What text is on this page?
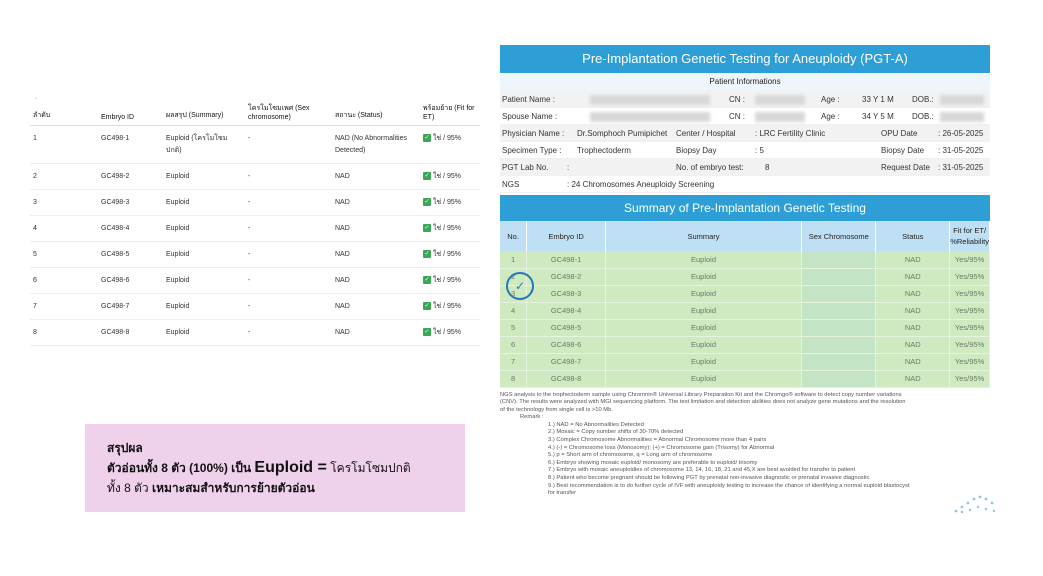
.
ลำดับ	Embryo ID	ผลสรุป (Summary)	โครโมโซมเพศ (Sex chromosome)	สถานะ (Status)	พร้อมย้าย (Fit for ET)
1	GC498-1	Euploid (โครโมโซมปกติ)	-	NAD (No Abnormalities Detected)	✓ ใช่ / 95%
2	GC498-2	Euploid	-	NAD	✓ ใช่ / 95%
3	GC498-3	Euploid	-	NAD	✓ ใช่ / 95%
4	GC498-4	Euploid	-	NAD	✓ ใช่ / 95%
5	GC498-5	Euploid	-	NAD	✓ ใช่ / 95%
6	GC498-6	Euploid	-	NAD	✓ ใช่ / 95%
7	GC498-7	Euploid	-	NAD	✓ ใช่ / 95%
8	GC498-8	Euploid	-	NAD	✓ ใช่ / 95%
สรุปผล
ตัวอ่อนทั้ง 8 ตัว (100%) เป็น Euploid = โครโมโซมปกติ
ทั้ง 8 ตัว เหมาะสมสำหรับการย้ายตัวอ่อน
Pre-Implantation Genetic Testing for Aneuploidy (PGT-A)
Patient Informations
Patient Name :	CN :	Age :	33 Y 1 M DOB.:
Spouse Name :	CN :	Age :	34 Y 5 M DOB.:
Physician Name : Dr.Somphoch Pumipichet Center / Hospital : LRC Fertility Clinic	OPU Date	: 26-05-2025
Specimen Type : Trophectoderm	Biopsy Day	: 5	Biopsy Date : 31-05-2025
PGT Lab No. :	No. of embryo test:	8	Request Date : 31-05-2025
NGS	: 24 Chromosomes Aneuploidy Screening
Summary of Pre-Implantation Genetic Testing
No.	Embryo ID	Summary	Sex Chromosome	Status	Fit for ET/ %Reliability
1	GC498-1	Euploid		NAD	Yes/95%
2	GC498-2	Euploid		NAD	Yes/95%
3	GC498-3	Euploid		NAD	Yes/95%
4	GC498-4	Euploid		NAD	Yes/95%
5	GC498-5	Euploid		NAD	Yes/95%
6	GC498-6	Euploid		NAD	Yes/95%
7	GC498-7	Euploid		NAD	Yes/95%
8	GC498-8	Euploid		NAD	Yes/95%
✓
NGS analysis to the trophectoderm sample using Chromnin® Universal Library Preparation Kit and the Chromgo® software to detect copy number variations
(CNV). The results were analyzed with MGI sequencing platform. The test limitation and detection abilities does not analyze gene mutations and the resolution
of the technology from single cell is >10 Mb.
Remark :
1.) NAD = No Abnormalities Detected
2.) Mosaic = Copy number shifts of 30-70% detected
3.) Complex Chromosome Abnormalities = Abnormal Chromosome more than 4 pairs
4.) (-) = Chromosome loss (Monosomy); (+) = Chromosome gain (Trisomy) for Abnormal
5.) p = Short arm of chromosome, q = Long arm of chromosome
6.) Embryo showing mosaic euploid/ monosomy are preferable to euploid/ trisomy
7.) Embryo with mosaic aneuploidies of chromosome 13, 14, 16, 18, 21 and 45,X are best avoided for transfer to patient
8.) Patient who become pregnant should be following PGT by prenatal non-invasive diagnostic or prenatal invasive diagnostic
9.) Best recommendation is to do further cycle of IVF with aneuploidy testing to increase the chance of identifying a normal euploid blastocyst
for transfer
